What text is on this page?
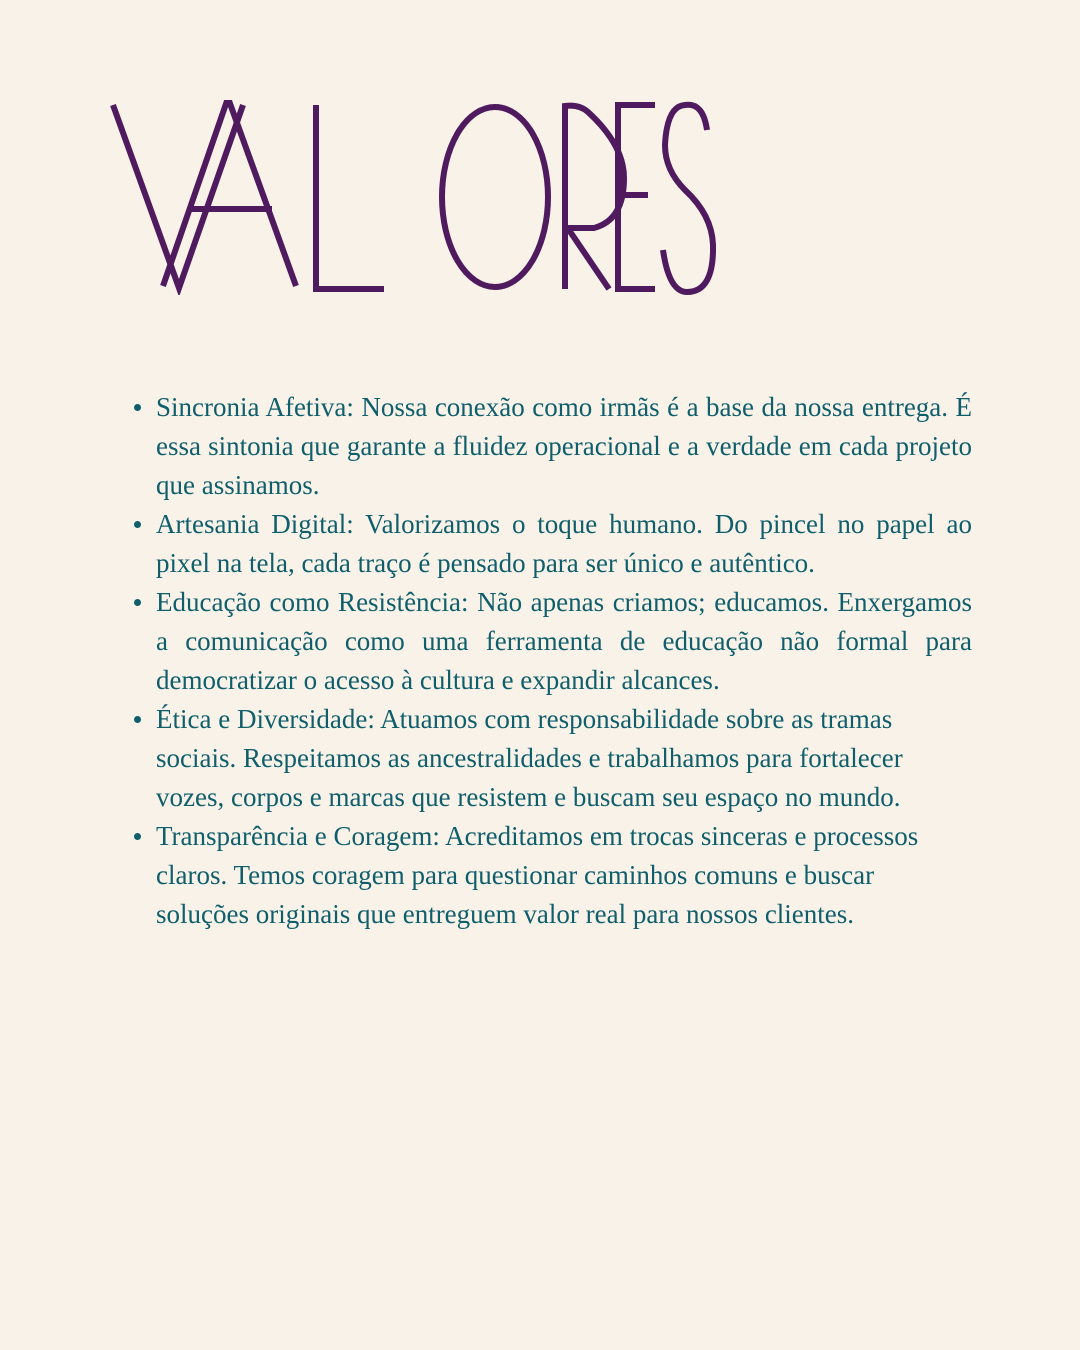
Sincronia Afetiva: Nossa conexão como irmãs é a base da nossa entrega. É essa sintonia que garante a fluidez operacional e a verdade em cada projeto que assinamos.
Artesania Digital: Valorizamos o toque humano. Do pincel no papel ao pixel na tela, cada traço é pensado para ser único e autêntico.
Educação como Resistência: Não apenas criamos; educamos. Enxergamos a comunicação como uma ferramenta de educação não formal para democratizar o acesso à cultura e expandir alcances.
Ética e Diversidade: Atuamos com responsabilidade sobre as tramas sociais. Respeitamos as ancestralidades e trabalhamos para fortalecer vozes, corpos e marcas que resistem e buscam seu espaço no mundo.
Transparência e Coragem: Acreditamos em trocas sinceras e processos claros. Temos coragem para questionar caminhos comuns e buscar soluções originais que entreguem valor real para nossos clientes.
